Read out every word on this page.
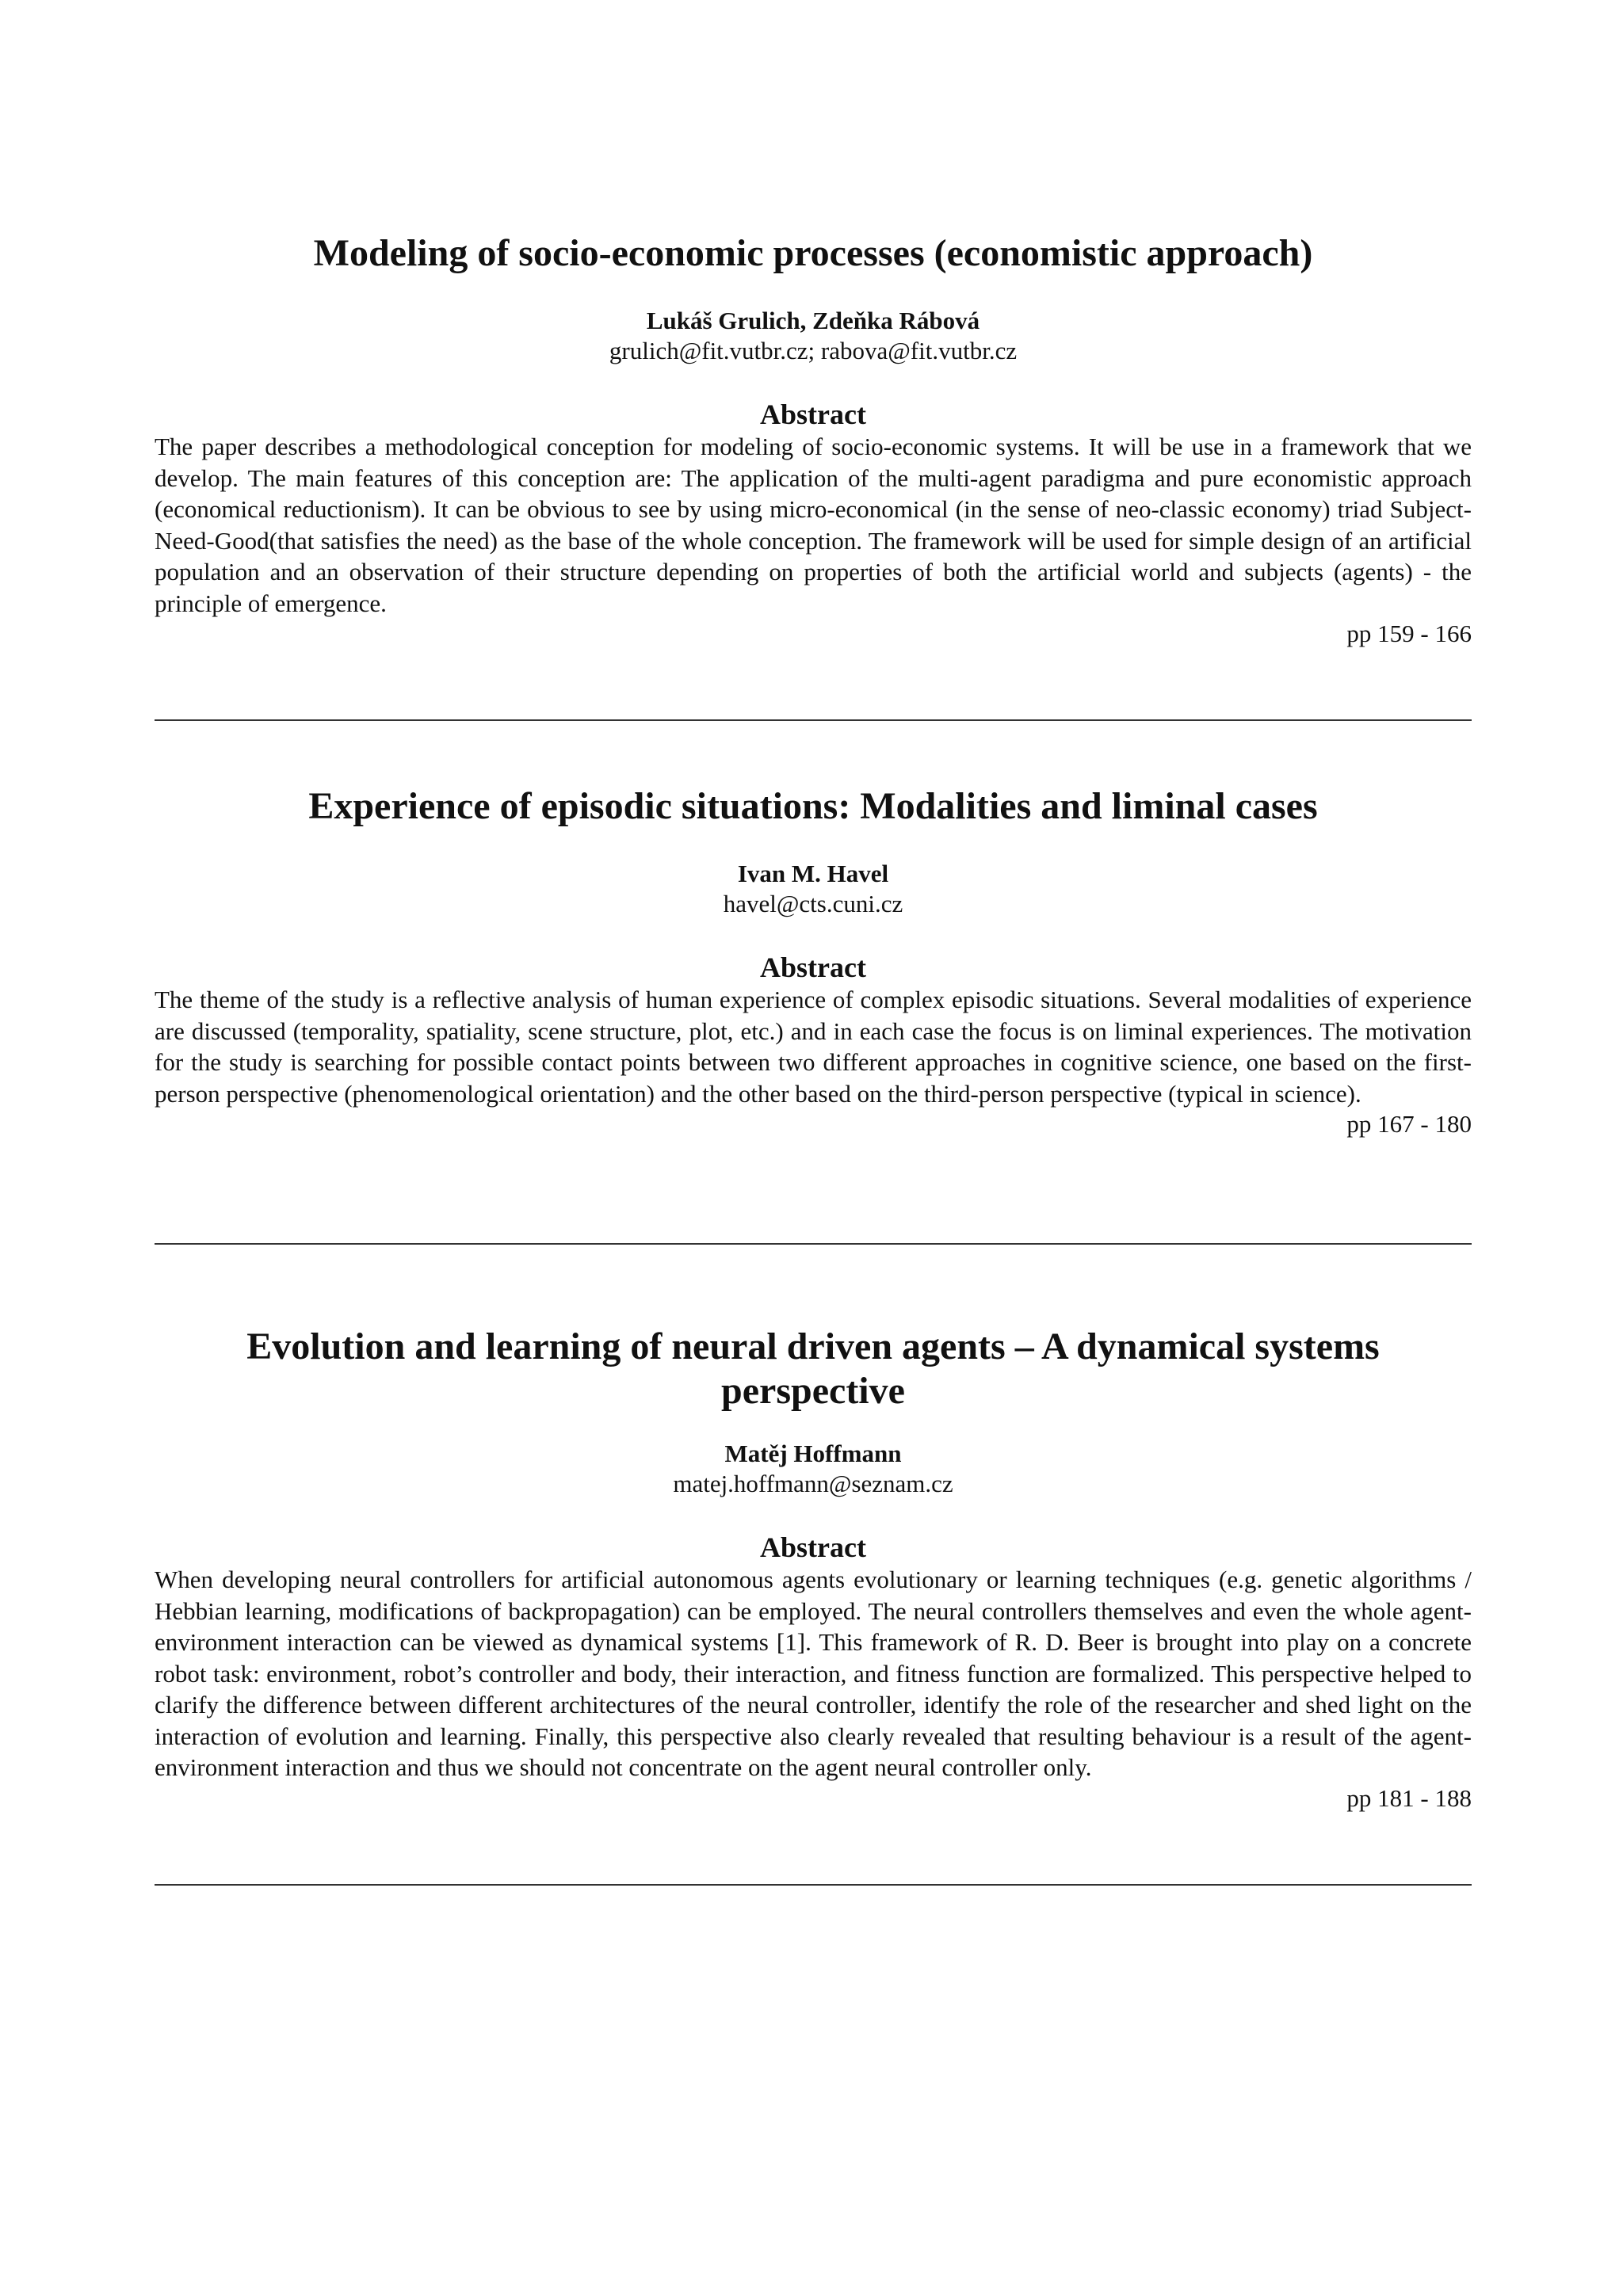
Modeling of socio-economic processes (economistic approach)

Lukáš Grulich, Zdeňka Rábová

grulich@fit.vutbr.cz; rabova@fit.vutbr.cz

Abstract

The paper describes a methodological conception for modeling of socio-economic systems. It will be use in a framework that we develop. The main features of this conception are: The application of the multi-agent paradigma and pure economistic approach (economical reductionism). It can be obvious to see by using micro-economical (in the sense of neo-classic economy) triad Subject-Need-Good(that satisfies the need) as the base of the whole conception. The framework will be used for simple design of an artificial population and an observation of their structure depending on properties of both the artificial world and subjects (agents) - the principle of emergence.

pp 159 - 166

Experience of episodic situations: Modalities and liminal cases

Ivan M. Havel

havel@cts.cuni.cz

Abstract

The theme of the study is a reflective analysis of human experience of complex episodic situations. Several modalities of experience are discussed (temporality, spatiality, scene structure, plot, etc.) and in each case the focus is on liminal experiences. The motivation for the study is searching for possible contact points between two different approaches in cognitive science, one based on the first-person perspective (phenomenological orientation) and the other based on the third-person perspective (typical in science).

pp 167 - 180

Evolution and learning of neural driven agents – A dynamical systems
perspective

Matěj Hoffmann

matej.hoffmann@seznam.cz

Abstract

When developing neural controllers for artificial autonomous agents evolutionary or learning techniques (e.g. genetic algorithms / Hebbian learning, modifications of backpropagation) can be employed. The neural controllers themselves and even the whole agent-environment interaction can be viewed as dynamical systems [1]. This framework of R. D. Beer is brought into play on a concrete robot task: environment, robot’s controller and body, their interaction, and fitness function are formalized. This perspective helped to clarify the difference between different architectures of the neural controller, identify the role of the researcher and shed light on the interaction of evolution and learning. Finally, this perspective also clearly revealed that resulting behaviour is a result of the agent-environment interaction and thus we should not concentrate on the agent neural controller only.

pp 181 - 188
